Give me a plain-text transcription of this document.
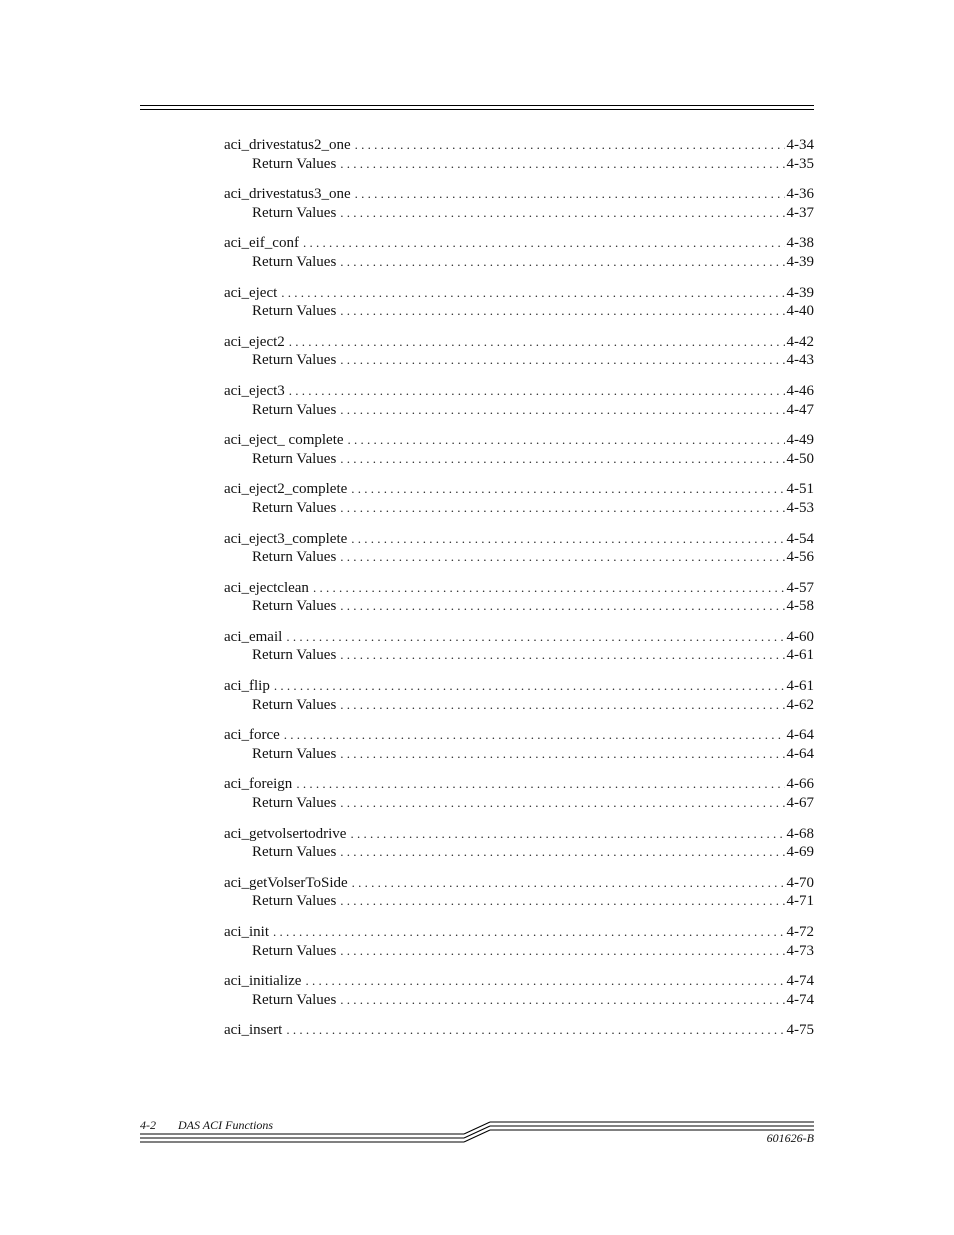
aci_drivestatus2_one . . .	4-34
Return Values . . .	4-35
aci_drivestatus3_one . . .	4-36
Return Values . . .	4-37
aci_eif_conf . . .	4-38
Return Values . . .	4-39
aci_eject . . .	4-39
Return Values . . .	4-40
aci_eject2 . . .	4-42
Return Values . . .	4-43
aci_eject3 . . .	4-46
Return Values . . .	4-47
aci_eject_ complete . . .	4-49
Return Values . . .	4-50
aci_eject2_complete . . .	4-51
Return Values . . .	4-53
aci_eject3_complete . . .	4-54
Return Values . . .	4-56
aci_ejectclean . . .	4-57
Return Values . . .	4-58
aci_email . . .	4-60
Return Values . . .	4-61
aci_flip . . .	4-61
Return Values . . .	4-62
aci_force . . .	4-64
Return Values . . .	4-64
aci_foreign . . .	4-66
Return Values . . .	4-67
aci_getvolsertodrive . . .	4-68
Return Values . . .	4-69
aci_getVolserToSide . . .	4-70
Return Values . . .	4-71
aci_init . . .	4-72
Return Values . . .	4-73
aci_initialize . . .	4-74
Return Values . . .	4-74
aci_insert . . .	4-75
4-2 DAS ACI Functions
601626-B
